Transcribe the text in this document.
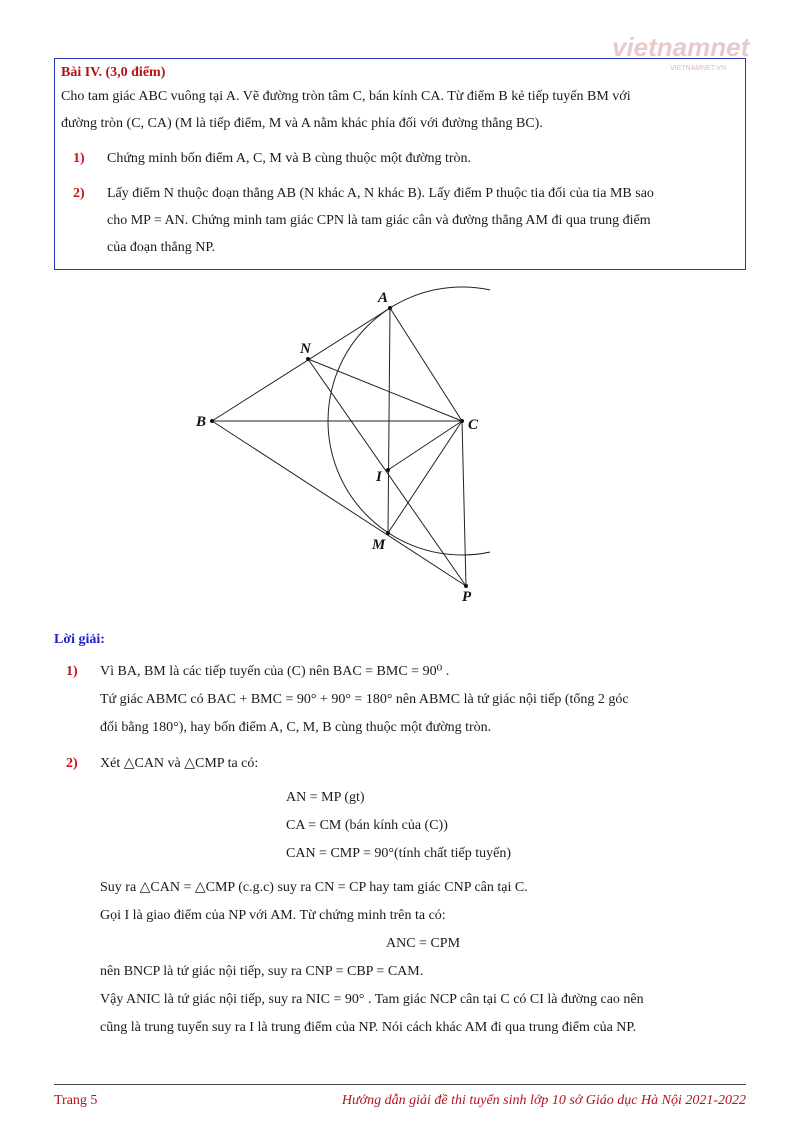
vietnamnet
VIETNAMNET.VN
Bài IV. (3,0 điểm)
Cho tam giác ABC vuông tại A. Vẽ đường tròn tâm C, bán kính CA. Từ điểm B kẻ tiếp tuyến BM với
đường tròn (C, CA) (M là tiếp điểm, M và A nằm khác phía đối với đường thẳng BC).
1)	Chứng minh bốn điểm A, C, M và B cùng thuộc một đường tròn.
2)	Lấy điểm N thuộc đoạn thẳng AB (N khác A, N khác B). Lấy điểm P thuộc tia đối của tia MB sao
cho MP = AN. Chứng minh tam giác CPN là tam giác cân và đường thẳng AM đi qua trung điểm
của đoạn thẳng NP.
A
N
B	C
I
M
P
Lời giải:
1)	Vì BA, BM là các tiếp tuyến của (C) nên BAC = BMC = 90⁰ .
Tứ giác ABMC có BAC + BMC = 90° + 90° = 180° nên ABMC là tứ giác nội tiếp (tổng 2 góc
đối bằng 180°), hay bốn điểm A, C, M, B cùng thuộc một đường tròn.
2)	Xét △CAN và △CMP ta có:
AN = MP (gt)
CA = CM (bán kính của (C))
CAN = CMP = 90°(tính chất tiếp tuyến)
Suy ra △CAN = △CMP (c.g.c) suy ra CN = CP hay tam giác CNP cân tại C.
Gọi I là giao điểm của NP với AM. Từ chứng minh trên ta có:
ANC = CPM
nên BNCP là tứ giác nội tiếp, suy ra CNP = CBP = CAM.
Vậy ANIC là tứ giác nội tiếp, suy ra NIC = 90° . Tam giác NCP cân tại C có CI là đường cao nên
cũng là trung tuyến suy ra I là trung điểm của NP. Nói cách khác AM đi qua trung điểm của NP.
Trang 5	Hướng dẫn giải đề thi tuyển sinh lớp 10 sở Giáo dục Hà Nội 2021-2022
